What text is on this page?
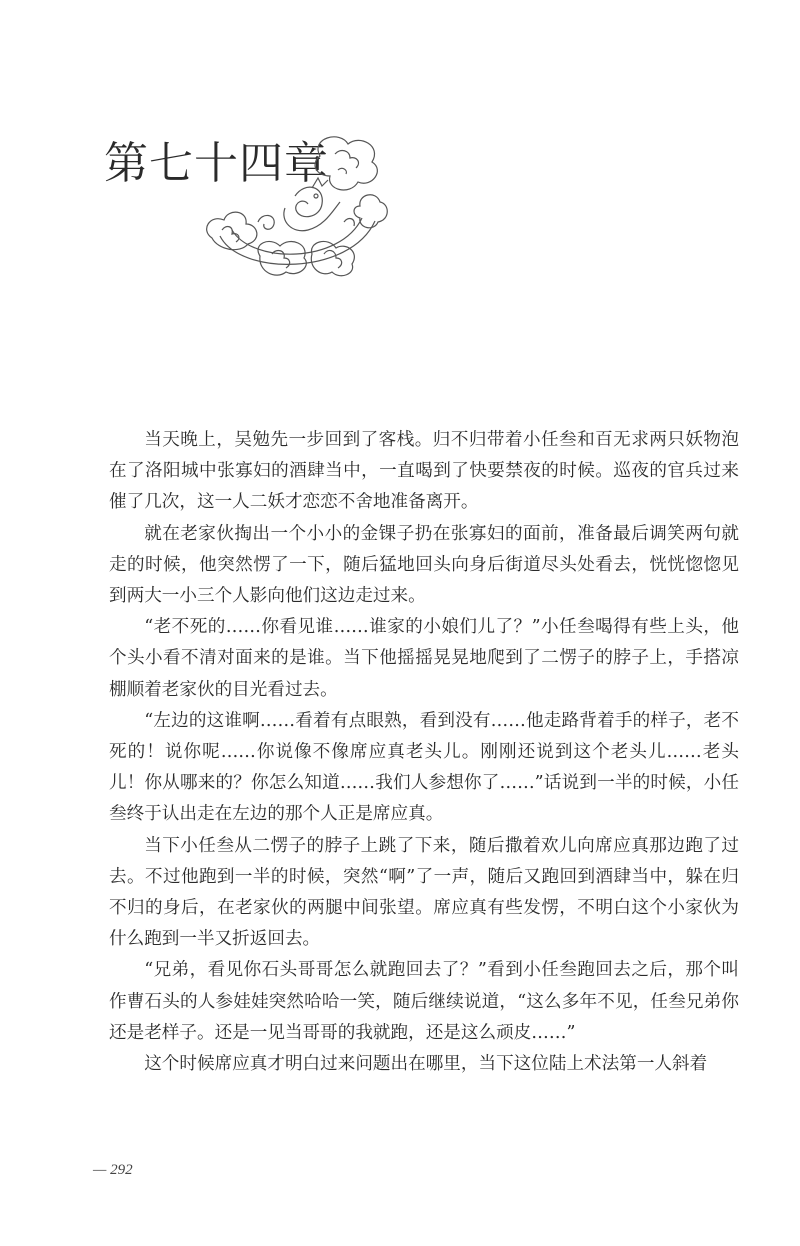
第七十四章

当天晚上，吴勉先一步回到了客栈。归不归带着小任叁和百无求两只妖物泡在了洛阳城中张寡妇的酒肆当中，一直喝到了快要禁夜的时候。巡夜的官兵过来催了几次，这一人二妖才恋恋不舍地准备离开。

就在老家伙掏出一个小小的金锞子扔在张寡妇的面前，准备最后调笑两句就走的时候，他突然愣了一下，随后猛地回头向身后街道尽头处看去，恍恍惚惚见到两大一小三个人影向他们这边走过来。

“老不死的……你看见谁……谁家的小娘们儿了？”小任叁喝得有些上头，他个头小看不清对面来的是谁。当下他摇摇晃晃地爬到了二愣子的脖子上，手搭凉棚顺着老家伙的目光看过去。

“左边的这谁啊……看着有点眼熟，看到没有……他走路背着手的样子，老不死的！说你呢……你说像不像席应真老头儿。刚刚还说到这个老头儿……老头儿！你从哪来的？你怎么知道……我们人参想你了……”话说到一半的时候，小任叁终于认出走在左边的那个人正是席应真。

当下小任叁从二愣子的脖子上跳了下来，随后撒着欢儿向席应真那边跑了过去。不过他跑到一半的时候，突然“啊”了一声，随后又跑回到酒肆当中，躲在归不归的身后，在老家伙的两腿中间张望。席应真有些发愣，不明白这个小家伙为什么跑到一半又折返回去。

“兄弟，看见你石头哥哥怎么就跑回去了？”看到小任叁跑回去之后，那个叫作曹石头的人参娃娃突然哈哈一笑，随后继续说道，“这么多年不见，任叁兄弟你还是老样子。还是一见当哥哥的我就跑，还是这么顽皮……”

这个时候席应真才明白过来问题出在哪里，当下这位陆上术法第一人斜着

— 292
